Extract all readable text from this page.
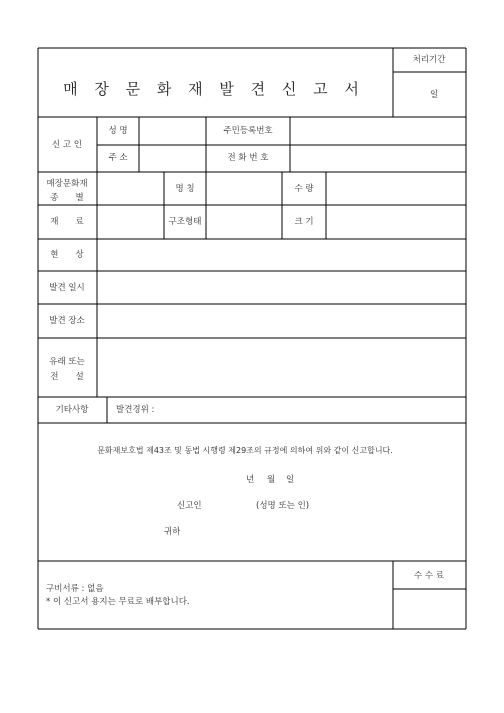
매 장 문 화 재 발 견 신 고 서
처리기간
일
신 고 인
성 명	주민등록번호
주 소	전 화 번 호
매장문화재
종　　별
명 칭	수 량
재　　료	구조형태	크 기
현　　상
발견 일시
발견 장소
유래 또는
전　　설
기타사항	발견경위 :
문화재보호법 제43조 및 동법 시행령 제29조의 규정에 의하여 위와 같이 신고합니다.
년 월 일
신고인	(성명 또는 인)
귀하
구비서류 : 없음
* 이 신고서 용지는 무료로 배부합니다.
수 수 료
